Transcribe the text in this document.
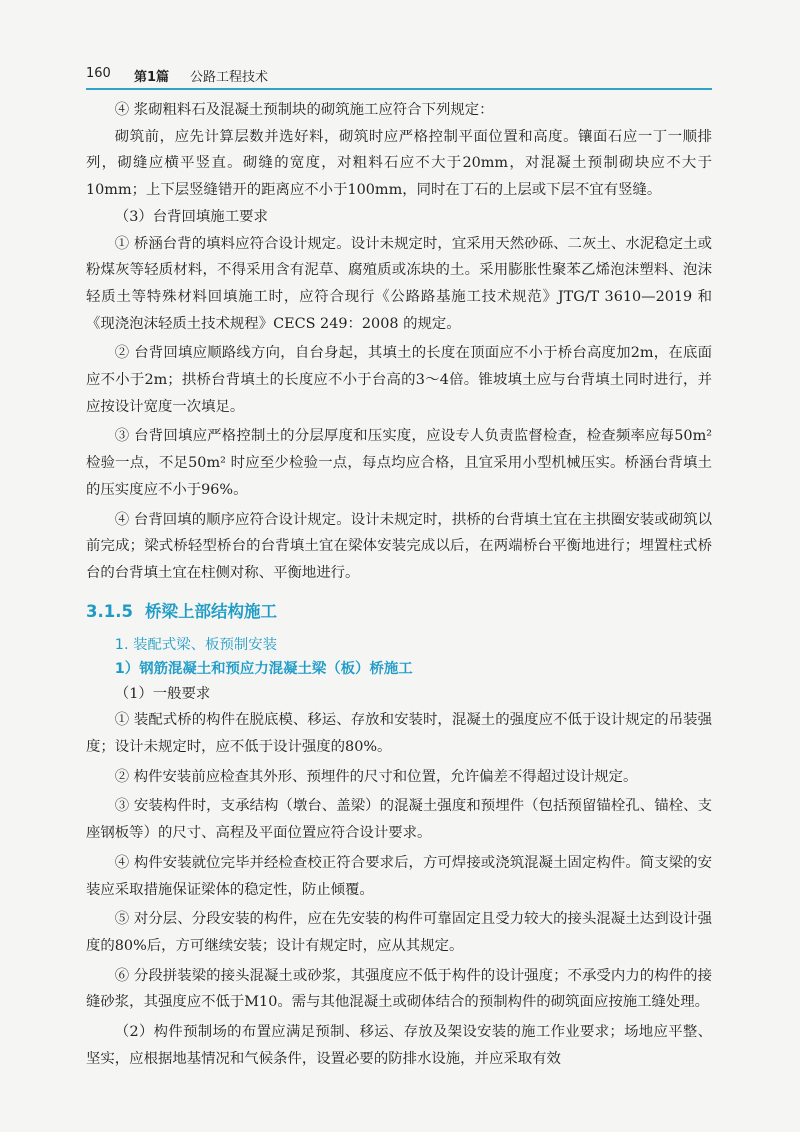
160 第1篇 公路工程技术

④ 浆砌粗料石及混凝土预制块的砌筑施工应符合下列规定：

砌筑前，应先计算层数并选好料，砌筑时应严格控制平面位置和高度。镶面石应一丁一顺排列，砌缝应横平竖直。砌缝的宽度，对粗料石应不大于20mm，对混凝土预制砌块应不大于10mm；上下层竖缝错开的距离应不小于100mm，同时在丁石的上层或下层不宜有竖缝。

（3）台背回填施工要求

① 桥涵台背的填料应符合设计规定。设计未规定时，宜采用天然砂砾、二灰土、水泥稳定土或粉煤灰等轻质材料，不得采用含有泥草、腐殖质或冻块的土。采用膨胀性聚苯乙烯泡沫塑料、泡沫轻质土等特殊材料回填施工时，应符合现行《公路路基施工技术规范》JTG/T 3610—2019 和《现浇泡沫轻质土技术规程》CECS 249：2008 的规定。

② 台背回填应顺路线方向，自台身起，其填土的长度在顶面应不小于桥台高度加2m，在底面应不小于2m；拱桥台背填土的长度应不小于台高的3～4倍。锥坡填土应与台背填土同时进行，并应按设计宽度一次填足。

③ 台背回填应严格控制土的分层厚度和压实度，应设专人负责监督检查，检查频率应每50m² 检验一点，不足50m² 时应至少检验一点，每点均应合格，且宜采用小型机械压实。桥涵台背填土的压实度应不小于96%。

④ 台背回填的顺序应符合设计规定。设计未规定时，拱桥的台背填土宜在主拱圈安装或砌筑以前完成；梁式桥轻型桥台的台背填土宜在梁体安装完成以后，在两端桥台平衡地进行；埋置柱式桥台的台背填土宜在柱侧对称、平衡地进行。

3.1.5 桥梁上部结构施工
1. 装配式梁、板预制安装
1）钢筋混凝土和预应力混凝土梁（板）桥施工

（1）一般要求

① 装配式桥的构件在脱底模、移运、存放和安装时，混凝土的强度应不低于设计规定的吊装强度；设计未规定时，应不低于设计强度的80%。

② 构件安装前应检查其外形、预埋件的尺寸和位置，允许偏差不得超过设计规定。

③ 安装构件时，支承结构（墩台、盖梁）的混凝土强度和预埋件（包括预留锚栓孔、锚栓、支座钢板等）的尺寸、高程及平面位置应符合设计要求。

④ 构件安装就位完毕并经检查校正符合要求后，方可焊接或浇筑混凝土固定构件。简支梁的安装应采取措施保证梁体的稳定性，防止倾覆。

⑤ 对分层、分段安装的构件，应在先安装的构件可靠固定且受力较大的接头混凝土达到设计强度的80%后，方可继续安装；设计有规定时，应从其规定。

⑥ 分段拼装梁的接头混凝土或砂浆，其强度应不低于构件的设计强度；不承受内力的构件的接缝砂浆，其强度应不低于M10。需与其他混凝土或砌体结合的预制构件的砌筑面应按施工缝处理。

（2）构件预制场的布置应满足预制、移运、存放及架设安装的施工作业要求；场地应平整、坚实，应根据地基情况和气候条件，设置必要的防排水设施，并应采取有效
